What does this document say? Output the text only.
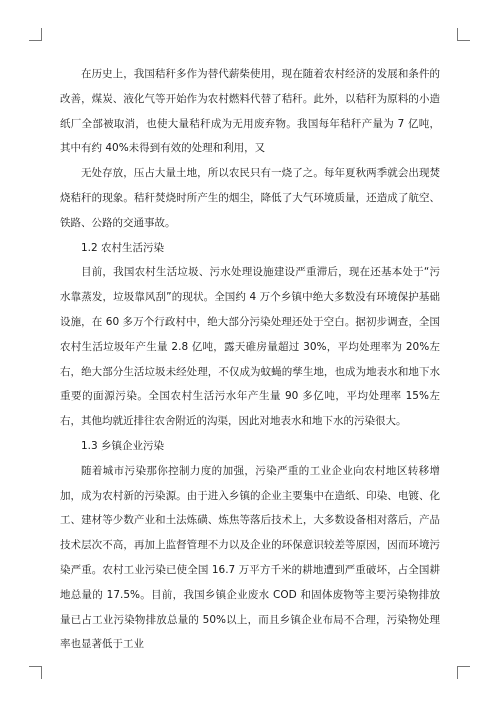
在历史上，我国秸秆多作为替代薪柴使用，现在随着农村经济的发展和条件的改善，煤炭、液化气等开始作为农村燃料代替了秸秆。此外，以秸秆为原料的小造纸厂全部被取消，也使大量秸秆成为无用废弃物。我国每年秸秆产量为 7 亿吨，其中有约 40%未得到有效的处理和利用，又

无处存放，压占大量土地，所以农民只有一烧了之。每年夏秋两季就会出现焚烧秸秆的现象。秸秆焚烧时所产生的烟尘，降低了大气环境质量，还造成了航空、铁路、公路的交通事故。

1.2 农村生活污染

目前，我国农村生活垃圾、污水处理设施建设严重滞后，现在还基本处于“污水靠蒸发，垃圾靠风刮”的现状。全国约 4 万个乡镇中绝大多数没有环境保护基础设施，在 60 多万个行政村中，绝大部分污染处理还处于空白。据初步调查，全国农村生活垃圾年产生量 2.8 亿吨，露天碓房量超过 30%，平均处理率为 20%左右，绝大部分生活垃圾未经处理，不仅成为蚊蝇的孳生地，也成为地表水和地下水重要的面源污染。全国农村生活污水年产生量 90 多亿吨，平均处理率 15%左右，其他均就近排往农舍附近的沟渠，因此对地表水和地下水的污染很大。

1.3 乡镇企业污染

随着城市污染那你控制力度的加强，污染严重的工业企业向农村地区转移增加，成为农村新的污染源。由于进入乡镇的企业主要集中在造纸、印染、电镀、化工、建材等少数产业和土法炼磺、炼焦等落后技术上，大多数设备相对落后，产品技术层次不高，再加上监督管理不力以及企业的环保意识较差等原因，因而环境污染严重。农村工业污染已使全国 16.7 万平方千米的耕地遭到严重破坏，占全国耕地总量的 17.5%。目前，我国乡镇企业废水 COD 和固体废物等主要污染物排放量已占工业污染物排放总量的 50%以上，而且乡镇企业布局不合理，污染物处理率也显著低于工业
